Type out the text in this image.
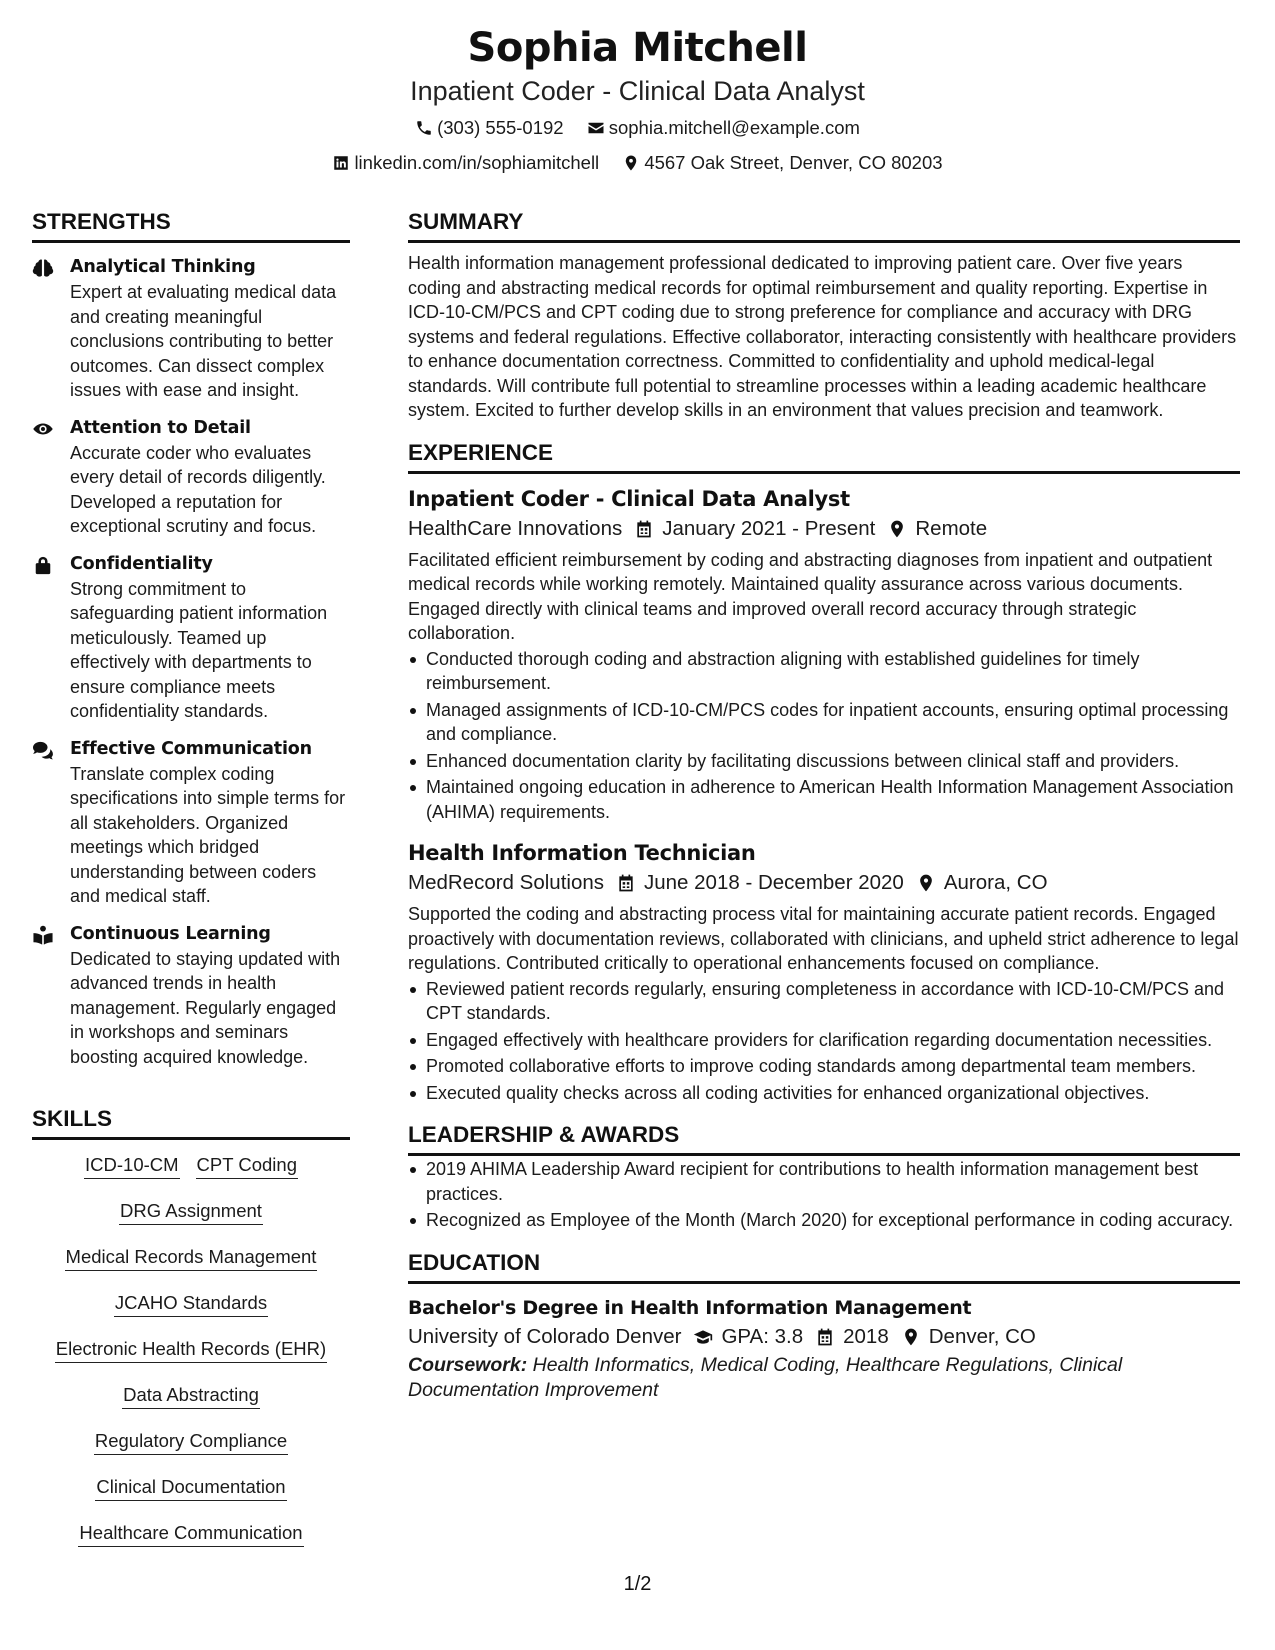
Sophia Mitchell
Inpatient Coder - Clinical Data Analyst
(303) 555-0192
sophia.mitchell@example.com
linkedin.com/in/sophiamitchell
4567 Oak Street, Denver, CO 80203
STRENGTHS
Analytical Thinking
Expert at evaluating medical data and creating meaningful conclusions contributing to better outcomes. Can dissect complex issues with ease and insight.
Attention to Detail
Accurate coder who evaluates every detail of records diligently. Developed a reputation for exceptional scrutiny and focus.
Confidentiality
Strong commitment to safeguarding patient information meticulously. Teamed up effectively with departments to ensure compliance meets confidentiality standards.
Effective Communication
Translate complex coding specifications into simple terms for all stakeholders. Organized meetings which bridged understanding between coders and medical staff.
Continuous Learning
Dedicated to staying updated with advanced trends in health management. Regularly engaged in workshops and seminars boosting acquired knowledge.
SKILLS
ICD-10-CM CPT Coding
DRG Assignment
Medical Records Management
JCAHO Standards
Electronic Health Records (EHR)
Data Abstracting
Regulatory Compliance
Clinical Documentation
Healthcare Communication
SUMMARY
Health information management professional dedicated to improving patient care. Over five years coding and abstracting medical records for optimal reimbursement and quality reporting. Expertise in ICD-10-CM/PCS and CPT coding due to strong preference for compliance and accuracy with DRG systems and federal regulations. Effective collaborator, interacting consistently with healthcare providers to enhance documentation correctness. Committed to confidentiality and uphold medical-legal standards. Will contribute full potential to streamline processes within a leading academic healthcare system. Excited to further develop skills in an environment that values precision and teamwork.
EXPERIENCE
Inpatient Coder - Clinical Data Analyst
HealthCare Innovations January 2021 - Present Remote
Facilitated efficient reimbursement by coding and abstracting diagnoses from inpatient and outpatient medical records while working remotely. Maintained quality assurance across various documents. Engaged directly with clinical teams and improved overall record accuracy through strategic collaboration.
Conducted thorough coding and abstraction aligning with established guidelines for timely reimbursement.
Managed assignments of ICD-10-CM/PCS codes for inpatient accounts, ensuring optimal processing and compliance.
Enhanced documentation clarity by facilitating discussions between clinical staff and providers.
Maintained ongoing education in adherence to American Health Information Management Association (AHIMA) requirements.
Health Information Technician
MedRecord Solutions June 2018 - December 2020 Aurora, CO
Supported the coding and abstracting process vital for maintaining accurate patient records. Engaged proactively with documentation reviews, collaborated with clinicians, and upheld strict adherence to legal regulations. Contributed critically to operational enhancements focused on compliance.
Reviewed patient records regularly, ensuring completeness in accordance with ICD-10-CM/PCS and CPT standards.
Engaged effectively with healthcare providers for clarification regarding documentation necessities.
Promoted collaborative efforts to improve coding standards among departmental team members.
Executed quality checks across all coding activities for enhanced organizational objectives.
LEADERSHIP & AWARDS
2019 AHIMA Leadership Award recipient for contributions to health information management best practices.
Recognized as Employee of the Month (March 2020) for exceptional performance in coding accuracy.
EDUCATION
Bachelor's Degree in Health Information Management
University of Colorado Denver GPA: 3.8 2018 Denver, CO
Coursework: Health Informatics, Medical Coding, Healthcare Regulations, Clinical Documentation Improvement
1/2
